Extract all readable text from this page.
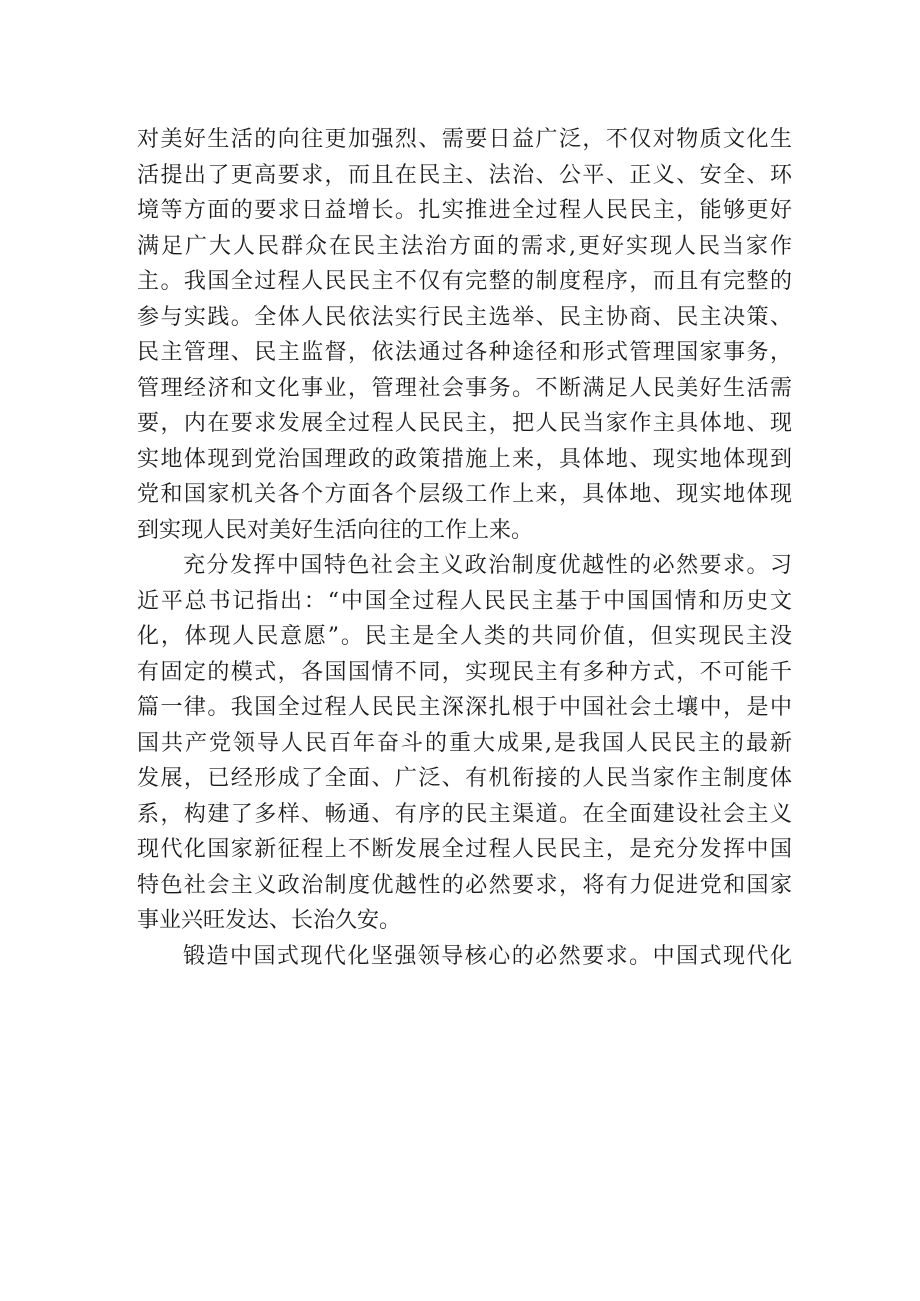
对美好生活的向往更加强烈、需要日益广泛，不仅对物质文化生
活提出了更高要求，而且在民主、法治、公平、正义、安全、环
境等方面的要求日益增长。扎实推进全过程人民民主，能够更好
满足广大人民群众在民主法治方面的需求,更好实现人民当家作
主。我国全过程人民民主不仅有完整的制度程序，而且有完整的
参与实践。全体人民依法实行民主选举、民主协商、民主决策、
民主管理、民主监督，依法通过各种途径和形式管理国家事务，
管理经济和文化事业，管理社会事务。不断满足人民美好生活需
要，内在要求发展全过程人民民主，把人民当家作主具体地、现
实地体现到党治国理政的政策措施上来，具体地、现实地体现到
党和国家机关各个方面各个层级工作上来，具体地、现实地体现
到实现人民对美好生活向往的工作上来。
充分发挥中国特色社会主义政治制度优越性的必然要求。习
近平总书记指出：“中国全过程人民民主基于中国国情和历史文
化，体现人民意愿”。民主是全人类的共同价值，但实现民主没
有固定的模式，各国国情不同，实现民主有多种方式，不可能千
篇一律。我国全过程人民民主深深扎根于中国社会土壤中，是中
国共产党领导人民百年奋斗的重大成果,是我国人民民主的最新
发展，已经形成了全面、广泛、有机衔接的人民当家作主制度体
系，构建了多样、畅通、有序的民主渠道。在全面建设社会主义
现代化国家新征程上不断发展全过程人民民主，是充分发挥中国
特色社会主义政治制度优越性的必然要求，将有力促进党和国家
事业兴旺发达、长治久安。
锻造中国式现代化坚强领导核心的必然要求。中国式现代化
